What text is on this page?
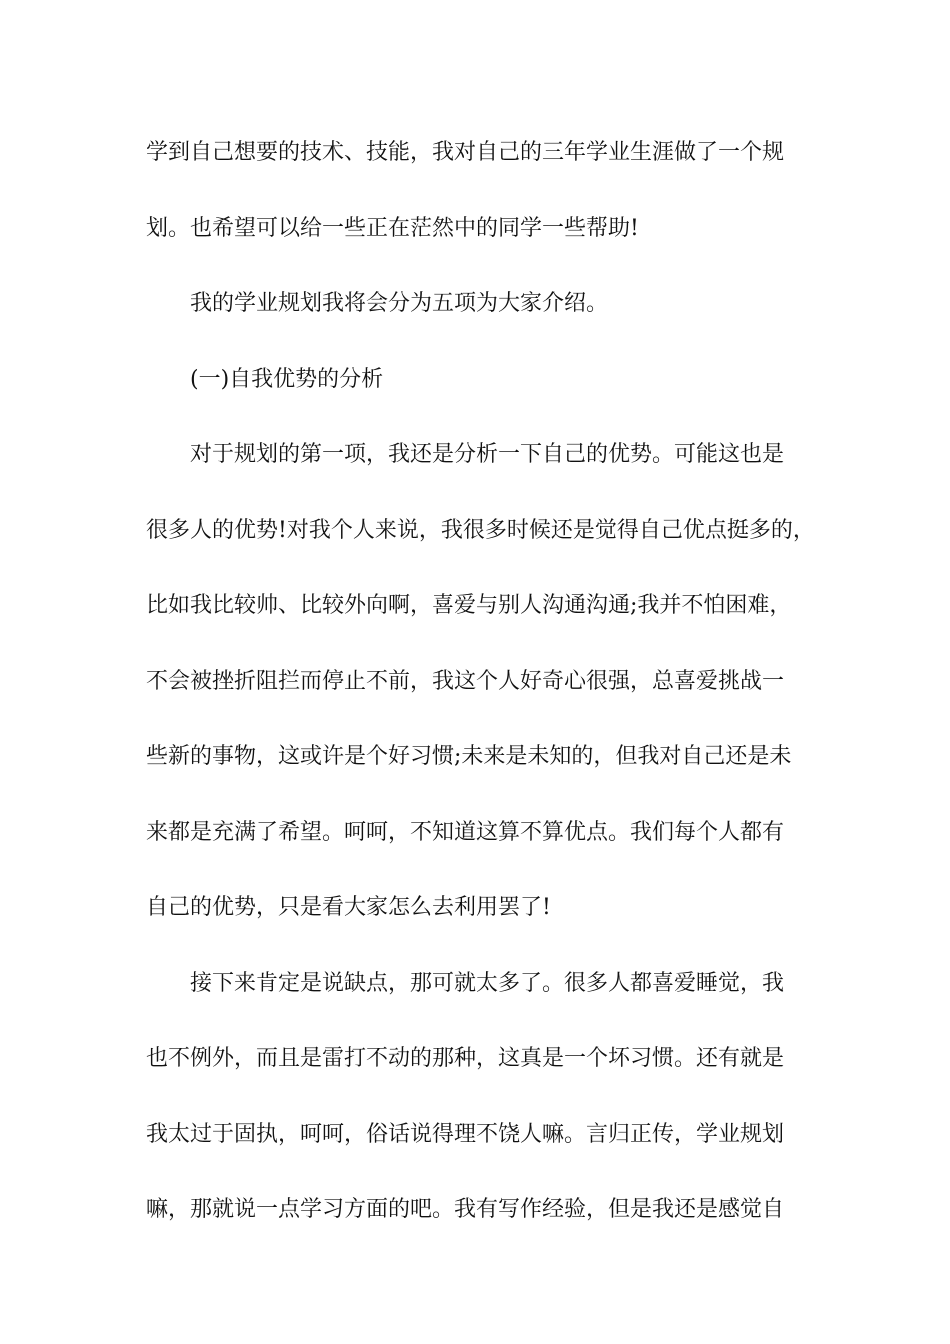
学到自己想要的技术、技能，我对自己的三年学业生涯做了一个规
划。也希望可以给一些正在茫然中的同学一些帮助!
我的学业规划我将会分为五项为大家介绍。
(一)自我优势的分析
对于规划的第一项，我还是分析一下自己的优势。可能这也是
很多人的优势!对我个人来说，我很多时候还是觉得自己优点挺多的，
比如我比较帅、比较外向啊，喜爱与别人沟通沟通;我并不怕困难，
不会被挫折阻拦而停止不前，我这个人好奇心很强，总喜爱挑战一
些新的事物，这或许是个好习惯;未来是未知的，但我对自己还是未
来都是充满了希望。呵呵，不知道这算不算优点。我们每个人都有
自己的优势，只是看大家怎么去利用罢了!
接下来肯定是说缺点，那可就太多了。很多人都喜爱睡觉，我
也不例外，而且是雷打不动的那种，这真是一个坏习惯。还有就是
我太过于固执，呵呵，俗话说得理不饶人嘛。言归正传，学业规划
嘛，那就说一点学习方面的吧。我有写作经验，但是我还是感觉自
